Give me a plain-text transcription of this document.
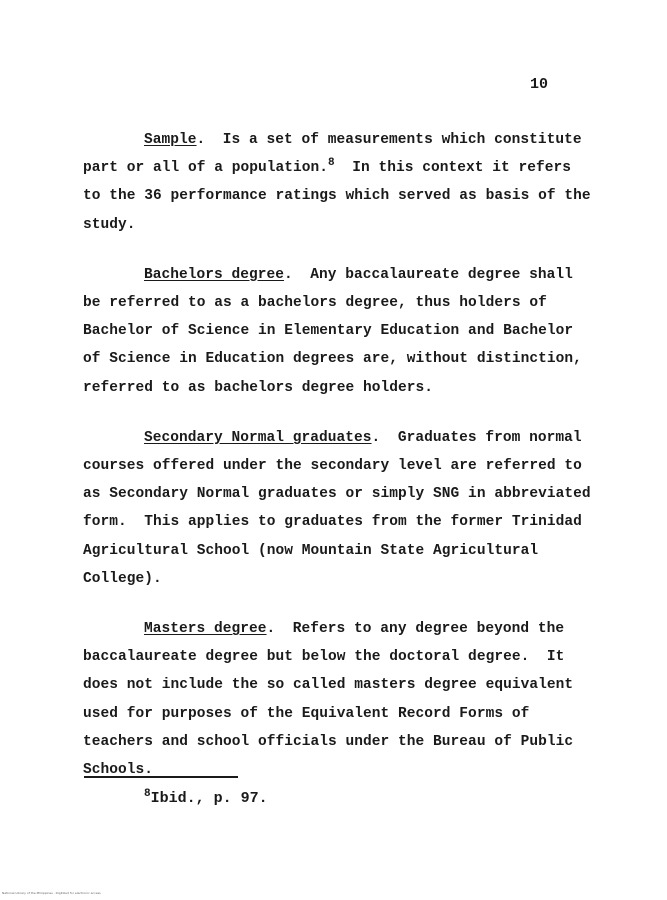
10
Sample.  Is a set of measurements which constitute
part or all of a population.$^8$ In this context it refers
to the 36 performance ratings which served as basis of the
study.
Bachelors degree.  Any baccalaureate degree shall
be referred to as a bachelors degree, thus holders of
Bachelor of Science in Elementary Education and Bachelor
of Science in Education degrees are, without distinction,
referred to as bachelors degree holders.
Secondary Normal graduates.  Graduates from normal
courses offered under the secondary level are referred to
as Secondary Normal graduates or simply SNG in abbreviated
form.  This applies to graduates from the former Trinidad
Agricultural School (now Mountain State Agricultural
College).
Masters degree.  Refers to any degree beyond the
baccalaureate degree but below the doctoral degree.  It
does not include the so called masters degree equivalent
used for purposes of the Equivalent Record Forms of
teachers and school officials under the Bureau of Public
Schools.
$^8$Ibid., p. 97.
National Library of the Philippines · Digitized for electronic access
